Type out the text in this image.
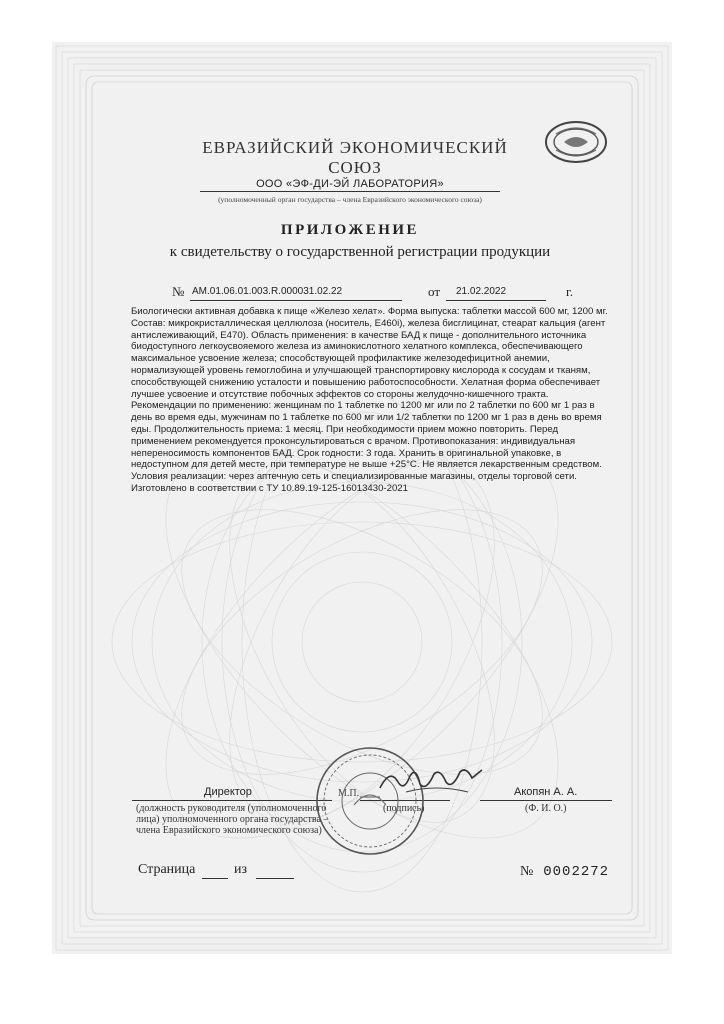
ЕВРАЗИЙСКИЙ ЭКОНОМИЧЕСКИЙ СОЮЗ
ООО «ЭФ-ДИ-ЭЙ ЛАБОРАТОРИЯ»
(уполномоченный орган государства – члена Евразийского экономического союза)
ПРИЛОЖЕНИЕ
к свидетельству о государственной регистрации продукции
№ AM.01.06.01.003.R.000031.02.22	от 21.02.2022	г.
Биологически активная добавка к пище «Железо хелат». Форма выпуска: таблетки массой 600 мг, 1200 мг. Состав: микрокристаллическая целлюлоза (носитель, Е460i), железа бисглицинат, стеарат кальция (агент антислеживающий, Е470). Область применения: в качестве БАД к пище - дополнительного источника биодоступного легкоусвояемого железа из аминокислотного хелатного комплекса, обеспечивающего максимальное усвоение железа; способствующей профилактике железодефицитной анемии, нормализующей уровень гемоглобина и улучшающей транспортировку кислорода к сосудам и тканям, способствующей снижению усталости и повышению работоспособности. Хелатная форма обеспечивает лучшее усвоение и отсутствие побочных эффектов со стороны желудочно-кишечного тракта. Рекомендации по применению: женщинам по 1 таблетке по 1200 мг или по 2 таблетки по 600 мг 1 раз в день во время еды, мужчинам по 1 таблетке по 600 мг или 1/2 таблетки по 1200 мг 1 раз в день во время еды. Продолжительность приема: 1 месяц. При необходимости прием можно повторить. Перед применением рекомендуется проконсультироваться с врачом. Противопоказания: индивидуальная непереносимость компонентов БАД. Срок годности: 3 года. Хранить в оригинальной упаковке, в недоступном для детей месте, при температуре не выше +25°С. Не является лекарственным средством. Условия реализации: через аптечную сеть и специализированные магазины, отделы торговой сети. Изготовлено в соответствии с ТУ 10.89.19-125-16013430-2021
Директор	М.П.	Акопян А. А.
(должность руководителя (уполномоченного лица) уполномоченного органа государства – члена Евразийского экономического союза)
(подпись)	(Ф. И. О.)
Страница	из	№ 0002272
